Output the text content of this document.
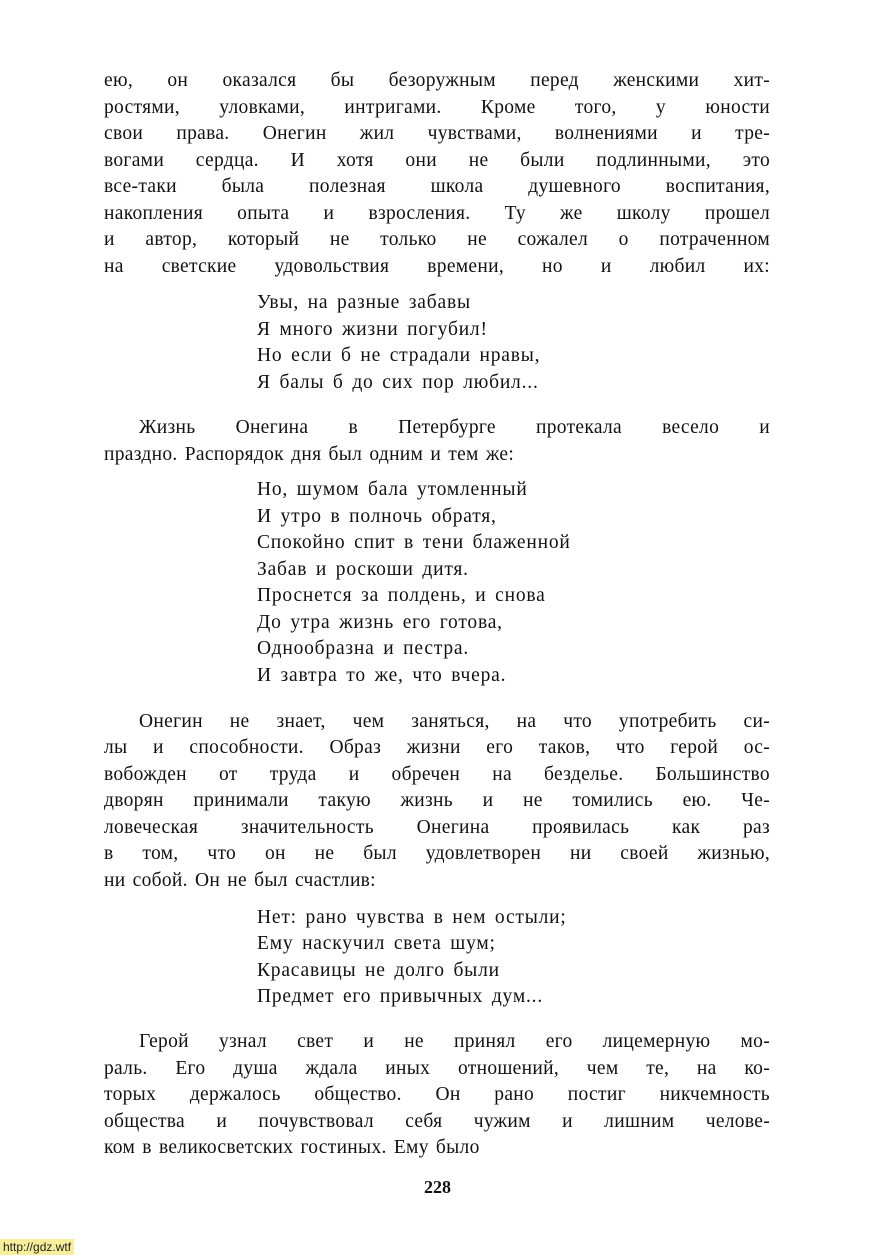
ею, он оказался бы безоружным перед женскими хит-
ростями, уловками, интригами. Кроме того, у юности
свои права. Онегин жил чувствами, волнениями и тре-
вогами сердца. И хотя они не были подлинными, это
все-таки была полезная школа душевного воспитания,
накопления опыта и взросления. Ту же школу прошел
и автор, который не только не сожалел о потраченном
на светские удовольствия времени, но и любил их:
Увы, на разные забавы
Я много жизни погубил!
Но если б не страдали нравы,
Я балы б до сих пор любил...
Жизнь Онегина в Петербурге протекала весело и
праздно. Распорядок дня был одним и тем же:
Но, шумом бала утомленный
И утро в полночь обратя,
Спокойно спит в тени блаженной
Забав и роскоши дитя.
Проснется за полдень, и снова
До утра жизнь его готова,
Однообразна и пестра.
И завтра то же, что вчера.
Онегин не знает, чем заняться, на что употребить си-
лы и способности. Образ жизни его таков, что герой ос-
вобожден от труда и обречен на безделье. Большинство
дворян принимали такую жизнь и не томились ею. Че-
ловеческая значительность Онегина проявилась как раз
в том, что он не был удовлетворен ни своей жизнью,
ни собой. Он не был счастлив:
Нет: рано чувства в нем остыли;
Ему наскучил света шум;
Красавицы не долго были
Предмет его привычных дум...
Герой узнал свет и не принял его лицемерную мо-
раль. Его душа ждала иных отношений, чем те, на ко-
торых держалось общество. Он рано постиг никчемность
общества и почувствовал себя чужим и лишним челове-
ком в великосветских гостиных. Ему было
228
http://gdz.wtf
